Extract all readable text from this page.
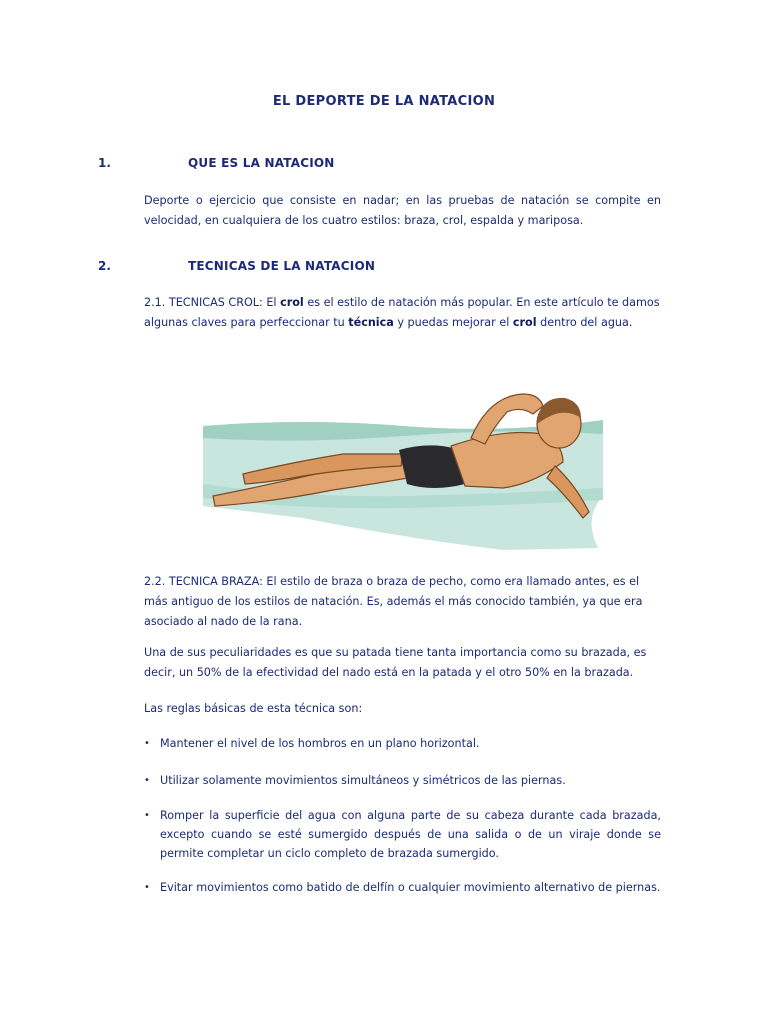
EL DEPORTE DE LA NATACION
1.	QUE ES LA NATACION
Deporte o ejercicio que consiste en nadar; en las pruebas de natación se compite en velocidad, en cualquiera de los cuatro estilos: braza, crol, espalda y mariposa.
2.	TECNICAS DE LA NATACION
2.1. TECNICAS CROL: El crol es el estilo de natación más popular. En este artículo te damos algunas claves para perfeccionar tu técnica y puedas mejorar el crol dentro del agua.
2.2. TECNICA BRAZA: El estilo de braza o braza de pecho, como era llamado antes, es el más antiguo de los estilos de natación. Es, además el más conocido también, ya que era asociado al nado de la rana.
Una de sus peculiaridades es que su patada tiene tanta importancia como su brazada, es decir, un 50% de la efectividad del nado está en la patada y el otro 50% en la brazada.
Las reglas básicas de esta técnica son:
• Mantener el nivel de los hombros en un plano horizontal.
• Utilizar solamente movimientos simultáneos y simétricos de las piernas.
• Romper la superficie del agua con alguna parte de su cabeza durante cada brazada, excepto cuando se esté sumergido después de una salida o de un viraje donde se permite completar un ciclo completo de brazada sumergido.
• Evitar movimientos como batido de delfín o cualquier movimiento alternativo de piernas.
